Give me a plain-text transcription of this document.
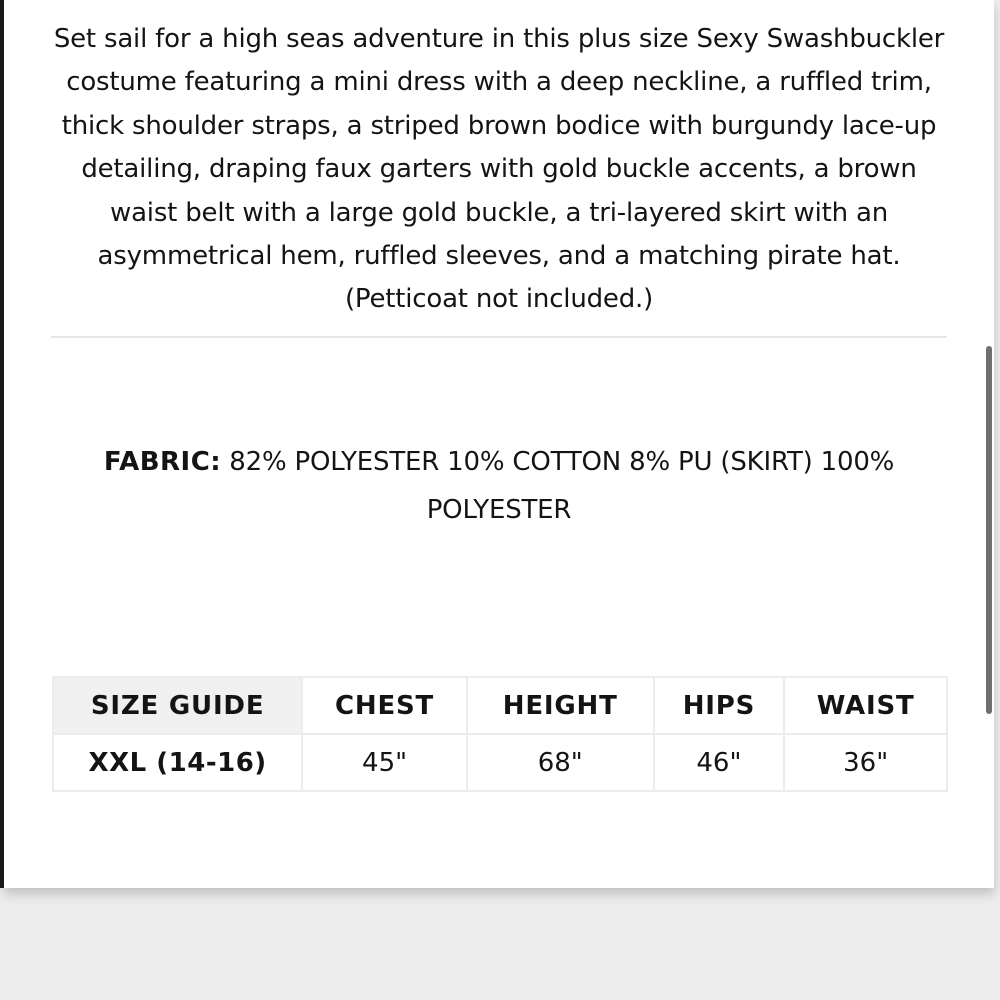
Set sail for a high seas adventure in this plus size Sexy Swashbuckler costume featuring a mini dress with a deep neckline, a ruffled trim, thick shoulder straps, a striped brown bodice with burgundy lace-up detailing, draping faux garters with gold buckle accents, a brown waist belt with a large gold buckle, a tri-layered skirt with an asymmetrical hem, ruffled sleeves, and a matching pirate hat. (Petticoat not included.)

FABRIC: 82% POLYESTER 10% COTTON 8% PU (SKIRT) 100% POLYESTER

SIZE GUIDE	CHEST	HEIGHT	HIPS	WAIST
XXL (14-16)	45"	68"	46"	36"
